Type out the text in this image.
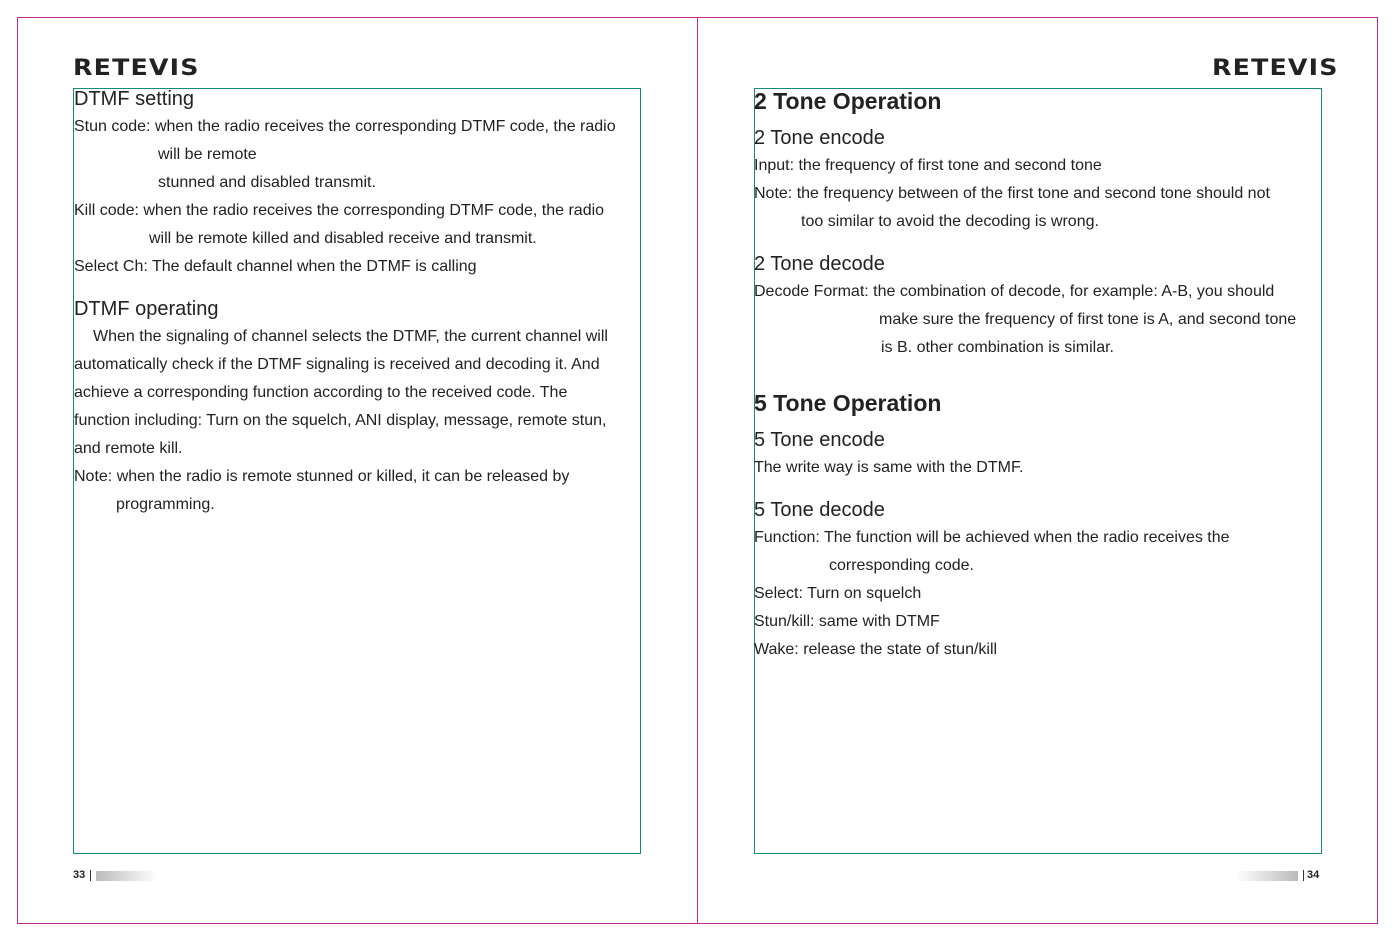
RETEVIS	RETEVIS
DTMF setting
Stun code: when the radio receives the corresponding DTMF code, the radio
will be remote
stunned and disabled transmit.
Kill code: when the radio receives the corresponding DTMF code, the radio
will be remote killed and disabled receive and transmit.
Select Ch: The default channel when the DTMF is calling
DTMF operating
When the signaling of channel selects the DTMF, the current channel will
automatically check if the DTMF signaling is received and decoding it. And
achieve a corresponding function according to the received code. The
function including: Turn on the squelch, ANI display, message, remote stun,
and remote kill.
Note: when the radio is remote stunned or killed, it can be released by
programming.
2 Tone Operation
2 Tone encode
Input: the frequency of first tone and second tone
Note: the frequency between of the first tone and second tone should not
too similar to avoid the decoding is wrong.
2 Tone decode
Decode Format: the combination of decode, for example: A-B, you should
make sure the frequency of first tone is A, and second tone
is B. other combination is similar.
5 Tone Operation
5 Tone encode
The write way is same with the DTMF.
5 Tone decode
Function: The function will be achieved when the radio receives the
corresponding code.
Select: Turn on squelch
Stun/kill: same with DTMF
Wake: release the state of stun/kill
33	34
